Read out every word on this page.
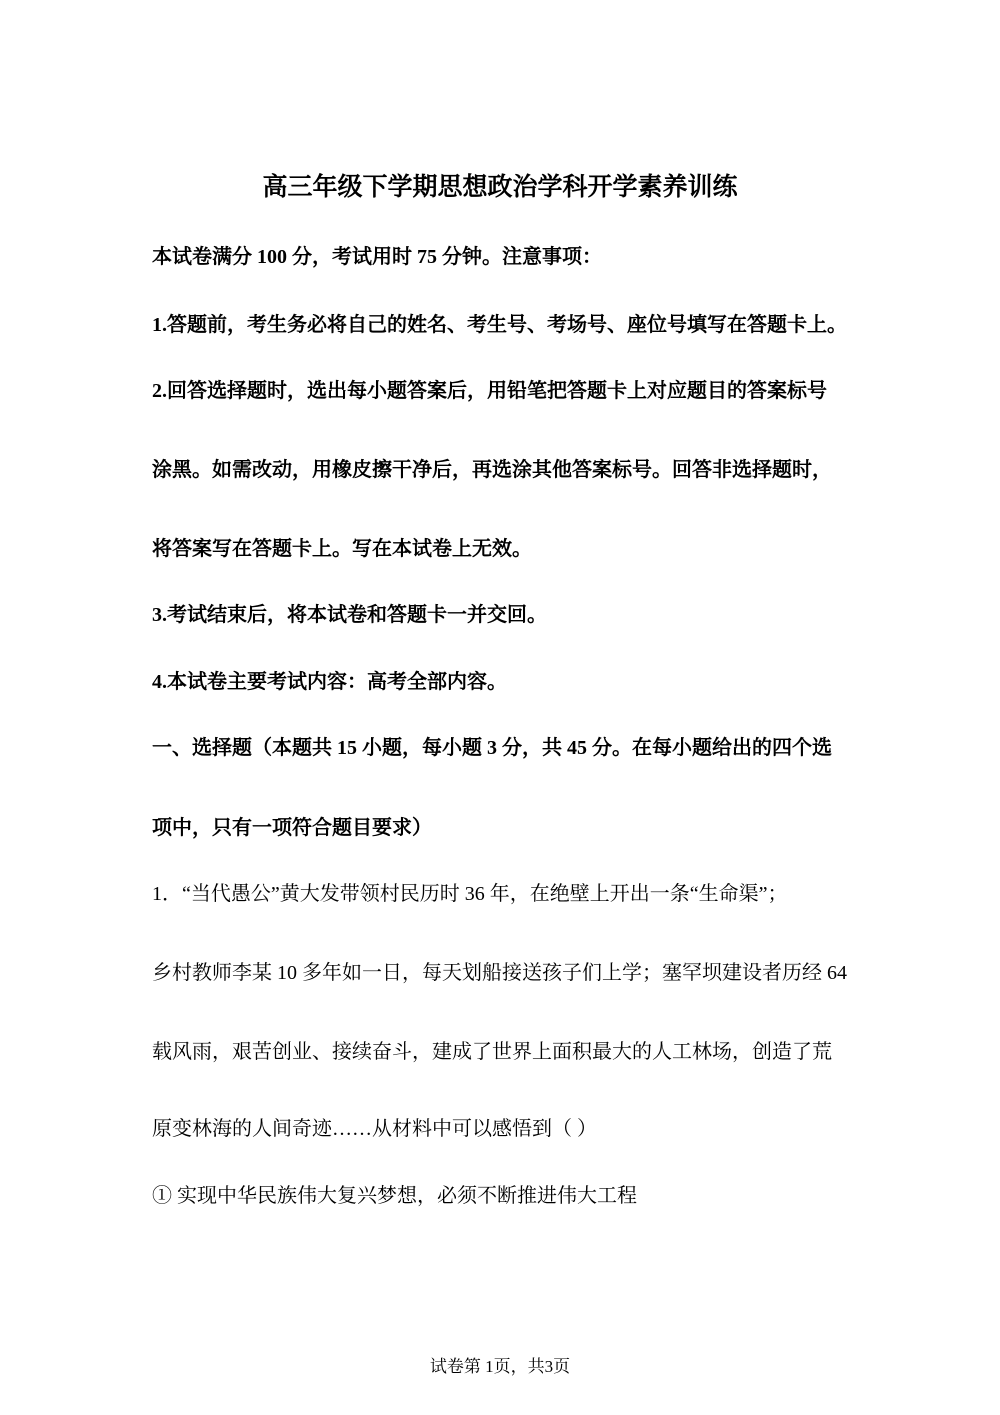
高三年级下学期思想政治学科开学素养训练
本试卷满分 100 分，考试用时 75 分钟。注意事项：
1.答题前，考生务必将自己的姓名、考生号、考场号、座位号填写在答题卡上。
2.回答选择题时，选出每小题答案后，用铅笔把答题卡上对应题目的答案标号
涂黑。如需改动，用橡皮擦干净后，再选涂其他答案标号。回答非选择题时，
将答案写在答题卡上。写在本试卷上无效。
3.考试结束后，将本试卷和答题卡一并交回。
4.本试卷主要考试内容：高考全部内容。
一、选择题（本题共 15 小题，每小题 3 分，共 45 分。在每小题给出的四个选
项中，只有一项符合题目要求）
1．“当代愚公”黄大发带领村民历时 36 年，在绝壁上开出一条“生命渠”；
乡村教师李某 10 多年如一日，每天划船接送孩子们上学；塞罕坝建设者历经 64
载风雨，艰苦创业、接续奋斗，建成了世界上面积最大的人工林场，创造了荒
原变林海的人间奇迹……从材料中可以感悟到（ ）
① 实现中华民族伟大复兴梦想，必须不断推进伟大工程
试卷第 1页，共3页
